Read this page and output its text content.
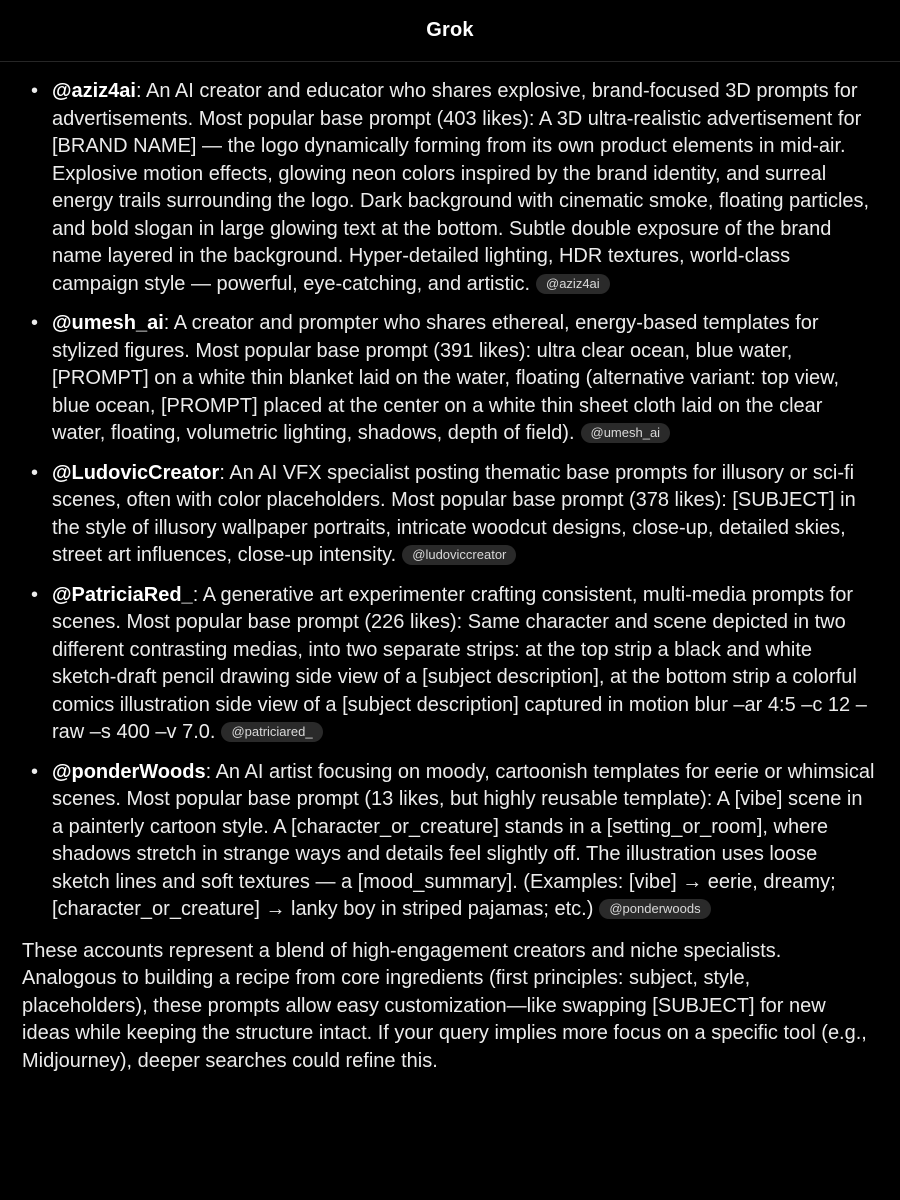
Grok
• @aziz4ai: An AI creator and educator who shares explosive, brand-focused 3D prompts for advertisements. Most popular base prompt (403 likes): A 3D ultra-realistic advertisement for [BRAND NAME] — the logo dynamically forming from its own product elements in mid-air. Explosive motion effects, glowing neon colors inspired by the brand identity, and surreal energy trails surrounding the logo. Dark background with cinematic smoke, floating particles, and bold slogan in large glowing text at the bottom. Subtle double exposure of the brand name layered in the background. Hyper-detailed lighting, HDR textures, world-class campaign style — powerful, eye-catching, and artistic. @aziz4ai
• @umesh_ai: A creator and prompter who shares ethereal, energy-based templates for stylized figures. Most popular base prompt (391 likes): ultra clear ocean, blue water, [PROMPT] on a white thin blanket laid on the water, floating (alternative variant: top view, blue ocean, [PROMPT] placed at the center on a white thin sheet cloth laid on the clear water, floating, volumetric lighting, shadows, depth of field). @umesh_ai
• @LudovicCreator: An AI VFX specialist posting thematic base prompts for illusory or sci-fi scenes, often with color placeholders. Most popular base prompt (378 likes): [SUBJECT] in the style of illusory wallpaper portraits, intricate woodcut designs, close-up, detailed skies, street art influences, close-up intensity. @ludoviccreator
• @PatriciaRed_: A generative art experimenter crafting consistent, multi-media prompts for scenes. Most popular base prompt (226 likes): Same character and scene depicted in two different contrasting medias, into two separate strips: at the top strip a black and white sketch-draft pencil drawing side view of a [subject description], at the bottom strip a colorful comics illustration side view of a [subject description] captured in motion blur –ar 4:5 –c 12 –raw –s 400 –v 7.0. @patriciared_
• @ponderWoods: An AI artist focusing on moody, cartoonish templates for eerie or whimsical scenes. Most popular base prompt (13 likes, but highly reusable template): A [vibe] scene in a painterly cartoon style. A [character_or_creature] stands in a [setting_or_room], where shadows stretch in strange ways and details feel slightly off. The illustration uses loose sketch lines and soft textures — a [mood_summary]. (Examples: [vibe] → eerie, dreamy; [character_or_creature] → lanky boy in striped pajamas; etc.) @ponderwoods

These accounts represent a blend of high-engagement creators and niche specialists. Analogous to building a recipe from core ingredients (first principles: subject, style, placeholders), these prompts allow easy customization—like swapping [SUBJECT] for new ideas while keeping the structure intact. If your query implies more focus on a specific tool (e.g., Midjourney), deeper searches could refine this.
